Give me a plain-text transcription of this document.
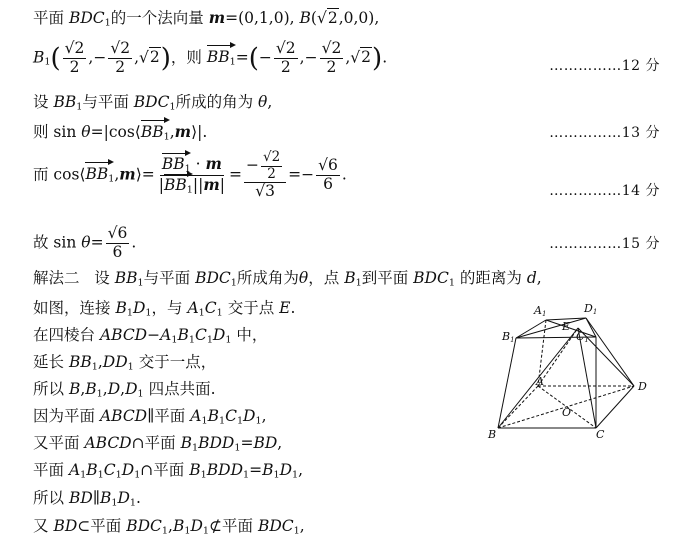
平面 $BDC_1$的一个法向量 m=(0,1,0), B(√2,0,0),
$B_1( \frac{√2}{2}$ ,− $\frac{√2}{2} ,√2$)，则 $BB_1=(- \frac{√2}{2}$ ,− $\frac{√2}{2} ,√2$).	……………12 分
设 $BB_1$与平面 $BDC_1$所成的角为 θ,
则 $\sin \theta=|\cos⟨BB_1,m⟩|$.	……………13 分
而 $\cos⟨BB_1,m⟩= \frac{BB_1 \cdot m}{|BB_1||m|} = \frac{- \frac{√2}{2}}{√3} =- \frac{√6}{6}$ .
……………14 分
故 $\sin \theta= \frac{√6}{6}$ .	……………15 分
解法二 设 $BB_1$与平面 $BDC_1$所成角为θ，点 $B_1$到平面 $BDC_1$ 的距离为 d,
如图，连接 $B_1D_1$，与 $A_1C_1$ 交于点 E.
在四棱台 $ABCD-A_1B_1C_1D_1$ 中，
延长 $BB_1,DD_1$ 交于一点，
所以 $B,B_1,D,D_1$ 四点共面.
因为平面 ABCD∥平面 $A_1B_1C_1D_1$,
又平面 ABCD∩平面 $B_1BDD_1=BD$,
平面 $A_1B_1C_1D_1\cap$平面 $B_1BDD_1=B_1D_1$,
所以 $BD\parallel B_1D_1$.
又 BD⊂平面 $BDC_1,B_1D_1⊄$平面 $BDC_1$,
A1	D1
E
C1
B1
A	D
O
B	C
